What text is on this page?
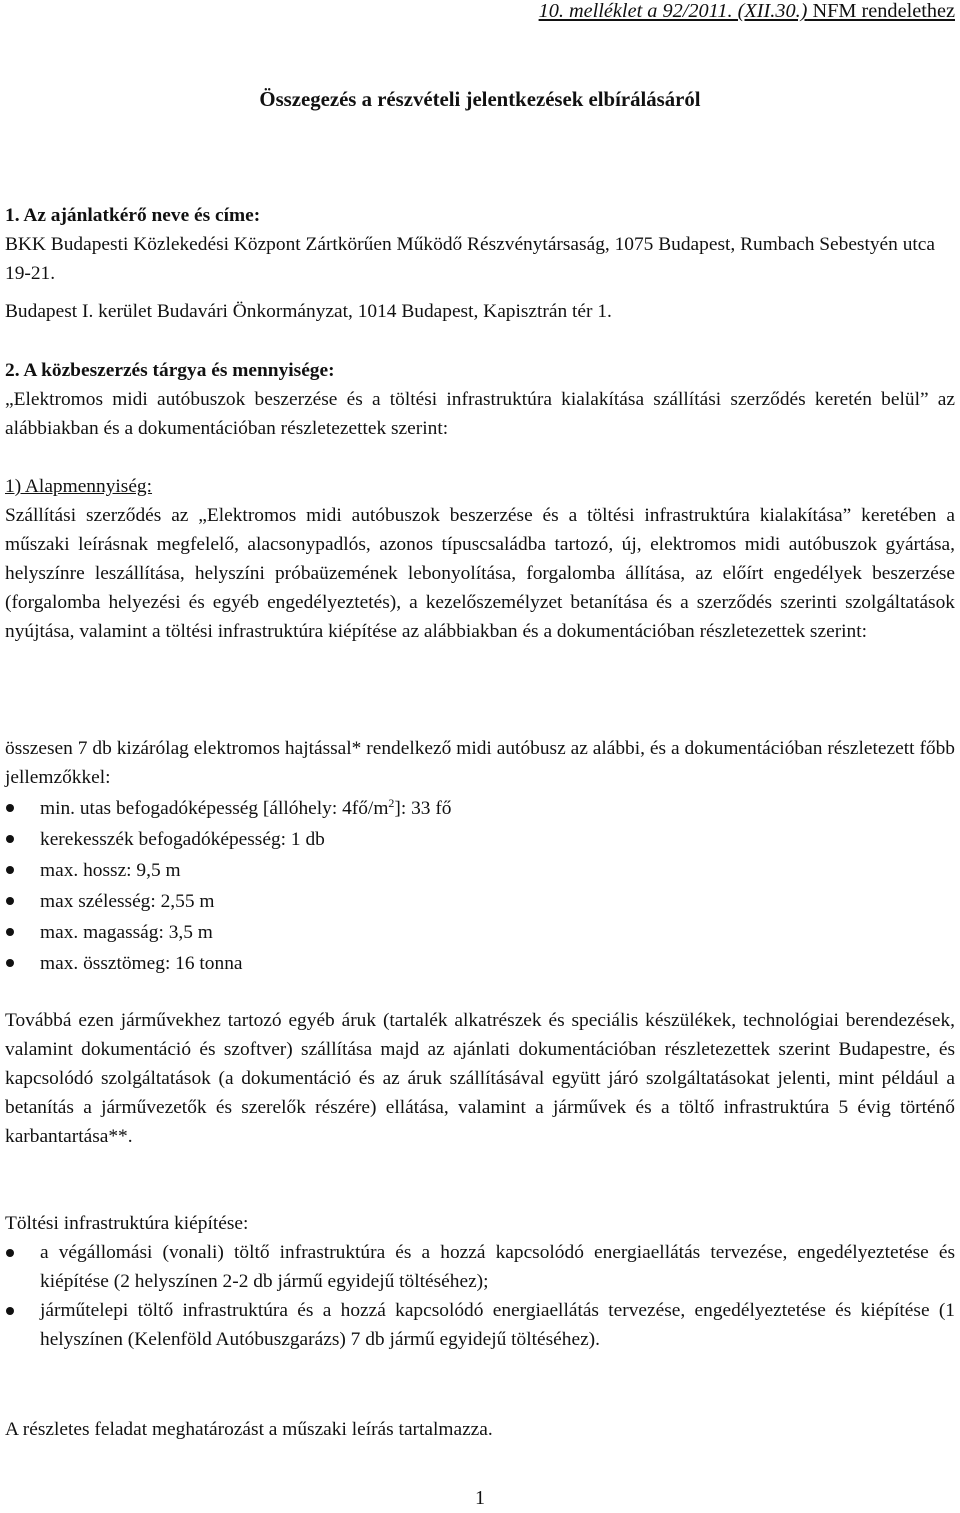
10. melléklet a 92/2011. (XII.30.) NFM rendelethez
Összegezés a részvételi jelentkezések elbírálásáról
1. Az ajánlatkérő neve és címe:
BKK Budapesti Közlekedési Központ Zártkörűen Működő Részvénytársaság, 1075 Budapest, Rumbach Sebestyén utca 19-21.
Budapest I. kerület Budavári Önkormányzat, 1014 Budapest, Kapisztrán tér 1.
2. A közbeszerzés tárgya és mennyisége:
„Elektromos midi autóbuszok beszerzése és a töltési infrastruktúra kialakítása szállítási szerződés keretén belül” az alábbiakban és a dokumentációban részletezettek szerint:
1) Alapmennyiség:
Szállítási szerződés az „Elektromos midi autóbuszok beszerzése és a töltési infrastruktúra kialakítása” keretében a műszaki leírásnak megfelelő, alacsonypadlós, azonos típuscsaládba tartozó, új, elektromos midi autóbuszok gyártása, helyszínre leszállítása, helyszíni próbaüzemének lebonyolítása, forgalomba állítása, az előírt engedélyek beszerzése (forgalomba helyezési és egyéb engedélyeztetés), a kezelőszemélyzet betanítása és a szerződés szerinti szolgáltatások nyújtása, valamint a töltési infrastruktúra kiépítése az alábbiakban és a dokumentációban részletezettek szerint:
összesen 7 db kizárólag elektromos hajtással* rendelkező midi autóbusz az alábbi, és a dokumentációban részletezett főbb jellemzőkkel:
min. utas befogadóképesség [állóhely: $4fő/m^2$]: 33 fő
kerekesszék befogadóképesség: 1 db
max. hossz: 9,5 m
max szélesség: 2,55 m
max. magasság: 3,5 m
max. össztömeg: 16 tonna
Továbbá ezen járművekhez tartozó egyéb áruk (tartalék alkatrészek és speciális készülékek, technológiai berendezések, valamint dokumentáció és szoftver) szállítása majd az ajánlati dokumentációban részletezettek szerint Budapestre, és kapcsolódó szolgáltatások (a dokumentáció és az áruk szállításával együtt járó szolgáltatásokat jelenti, mint például a betanítás a járművezetők és szerelők részére) ellátása, valamint a járművek és a töltő infrastruktúra 5 évig történő karbantartása**.
Töltési infrastruktúra kiépítése:
a végállomási (vonali) töltő infrastruktúra és a hozzá kapcsolódó energiaellátás tervezése, engedélyeztetése és kiépítése (2 helyszínen 2-2 db jármű egyidejű töltéséhez);
járműtelepi töltő infrastruktúra és a hozzá kapcsolódó energiaellátás tervezése, engedélyeztetése és kiépítése (1 helyszínen (Kelenföld Autóbuszgarázs) 7 db jármű egyidejű töltéséhez).
A részletes feladat meghatározást a műszaki leírás tartalmazza.
1
